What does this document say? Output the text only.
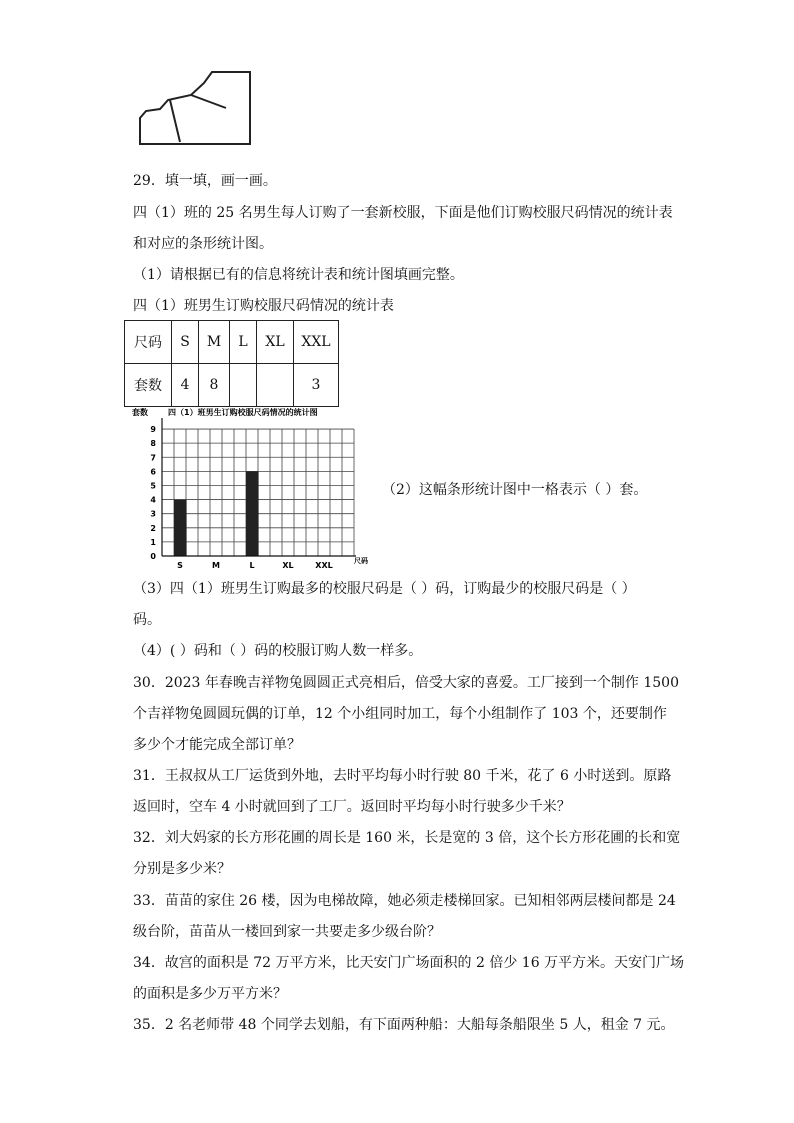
29．填一填，画一画。
四（1）班的 25 名男生每人订购了一套新校服，下面是他们订购校服尺码情况的统计表
和对应的条形统计图。
（1）请根据已有的信息将统计表和统计图填画完整。
四（1）班男生订购校服尺码情况的统计表
尺码	S	M	L	XL	XXL
套数	4	8			3
套数	四（1）班男生订购校服尺码情况的统计图
0
1
2
3
4
5
6
7
8
9
S	M	L	XL	XXL	尺码
（2）这幅条形统计图中一格表示（ ）套。
（3）四（1）班男生订购最多的校服尺码是（ ）码，订购最少的校服尺码是（ ）
码。
（4）( ）码和（ ）码的校服订购人数一样多。
30．2023 年春晚吉祥物兔圆圆正式亮相后，倍受大家的喜爱。工厂接到一个制作 1500
个吉祥物兔圆圆玩偶的订单，12 个小组同时加工，每个小组制作了 103 个，还要制作
多少个才能完成全部订单？
31．王叔叔从工厂运货到外地，去时平均每小时行驶 80 千米，花了 6 小时送到。原路
返回时，空车 4 小时就回到了工厂。返回时平均每小时行驶多少千米？
32．刘大妈家的长方形花圃的周长是 160 米，长是宽的 3 倍，这个长方形花圃的长和宽
分别是多少米？
33．苗苗的家住 26 楼，因为电梯故障，她必须走楼梯回家。已知相邻两层楼间都是 24
级台阶，苗苗从一楼回到家一共要走多少级台阶？
34．故宫的面积是 72 万平方米，比天安门广场面积的 2 倍少 16 万平方米。天安门广场
的面积是多少万平方米？
35．2 名老师带 48 个同学去划船，有下面两种船：大船每条船限坐 5 人，租金 7 元。
